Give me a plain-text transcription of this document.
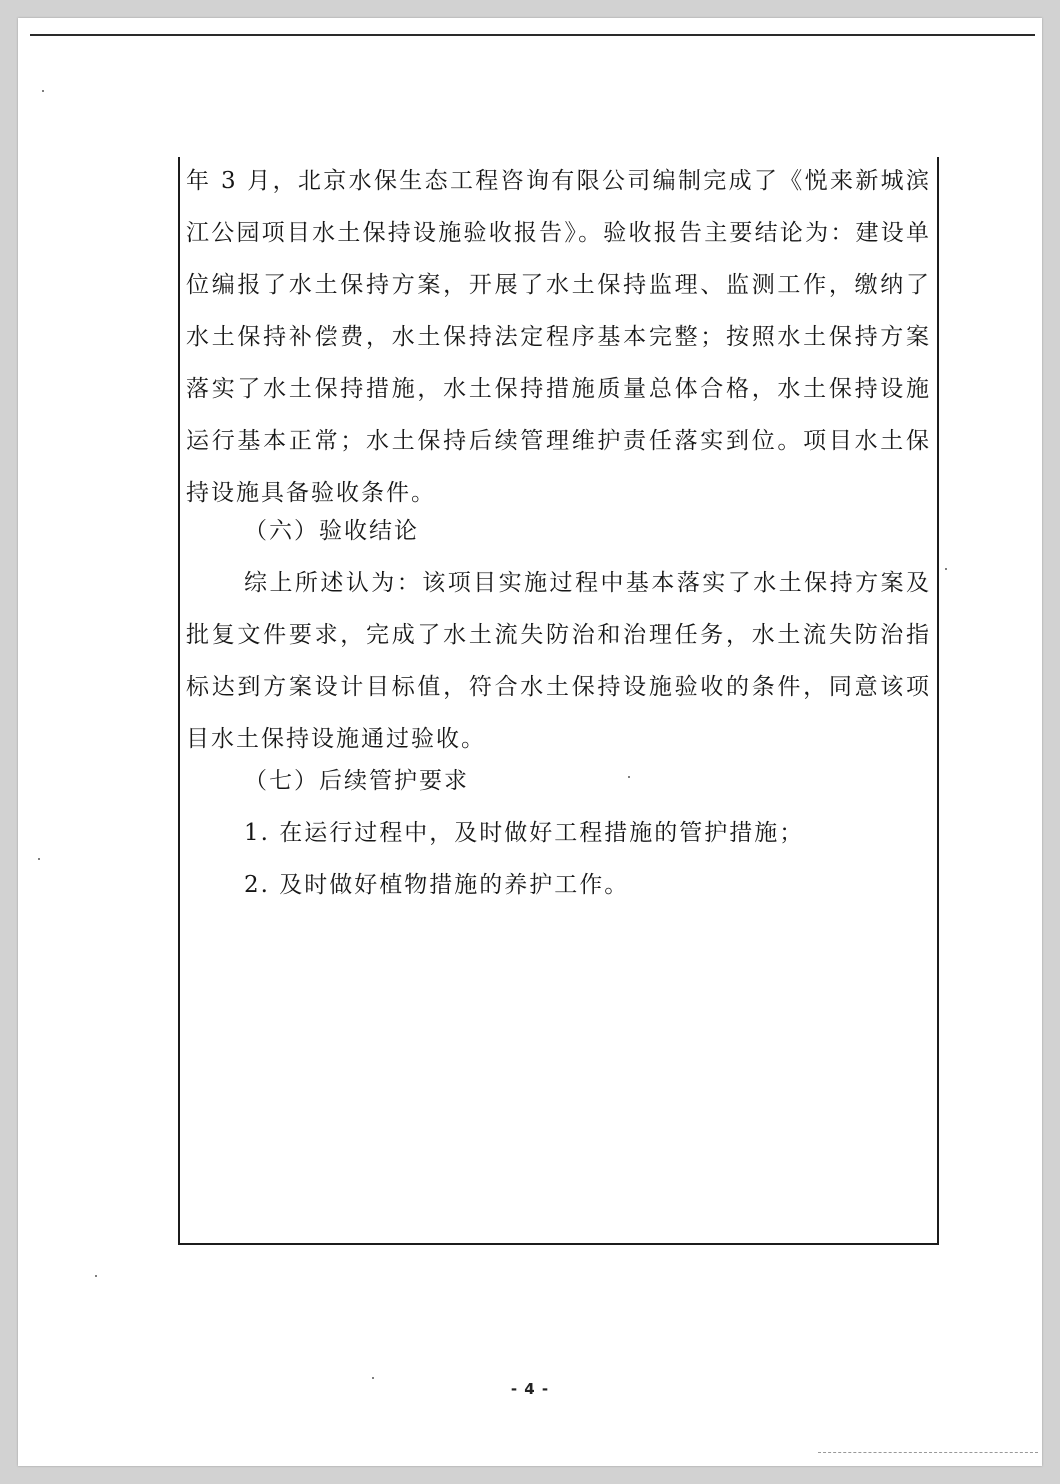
年 3 月，北京水保生态工程咨询有限公司编制完成了《悦来新城滨江公园项目水土保持设施验收报告》。验收报告主要结论为：建设单位编报了水土保持方案，开展了水土保持监理、监测工作，缴纳了水土保持补偿费，水土保持法定程序基本完整；按照水土保持方案落实了水土保持措施，水土保持措施质量总体合格，水土保持设施运行基本正常；水土保持后续管理维护责任落实到位。项目水土保持设施具备验收条件。

（六）验收结论

综上所述认为：该项目实施过程中基本落实了水土保持方案及批复文件要求，完成了水土流失防治和治理任务，水土流失防治指标达到方案设计目标值，符合水土保持设施验收的条件，同意该项目水土保持设施通过验收。

（七）后续管护要求

1. 在运行过程中，及时做好工程措施的管护措施；

2. 及时做好植物措施的养护工作。

- 4 -
